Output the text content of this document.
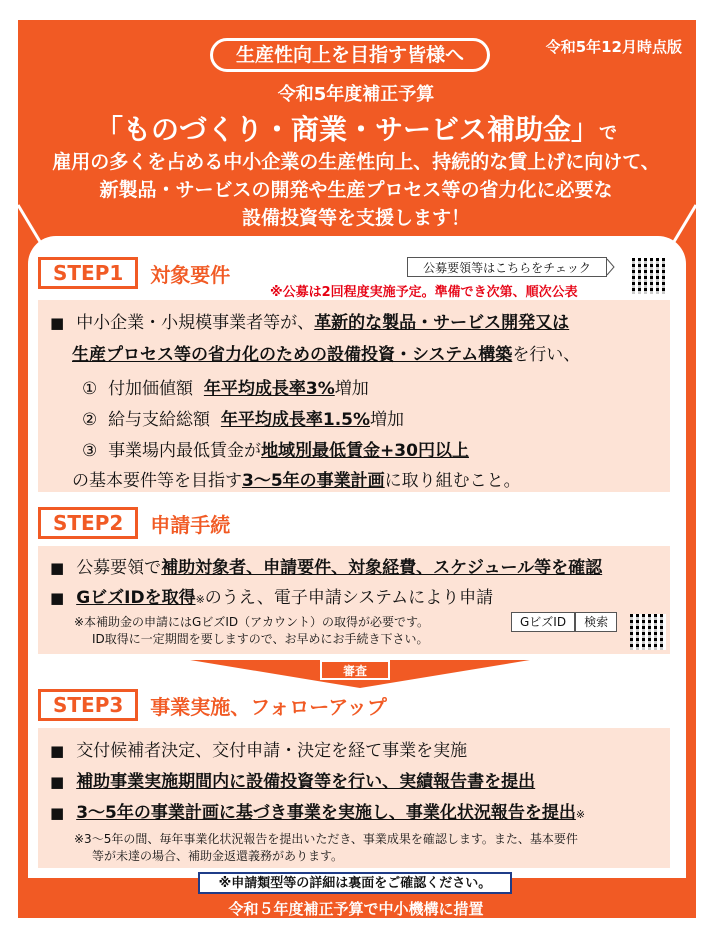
生産性向上を目指す皆様へ	令和5年12月時点版
令和5年度補正予算
「ものづくり・商業・サービス補助金」で
雇用の多くを占める中小企業の生産性向上、持続的な賃上げに向けて、
新製品・サービスの開発や生産プロセス等の省力化に必要な
設備投資等を支援します！
STEP1	対象要件	公募要領等はこちらをチェック
※公募は2回程度実施予定。準備でき次第、順次公表
■ 中小企業・小規模事業者等が、革新的な製品・サービス開発又は
生産プロセス等の省力化のための設備投資・システム構築を行い、
① 付加価値額 年平均成長率3%増加
② 給与支給総額 年平均成長率1.5%増加
③ 事業場内最低賃金が地域別最低賃金+30円以上
の基本要件等を目指す3〜5年の事業計画に取り組むこと。
STEP2	申請手続
■ 公募要領で補助対象者、申請要件、対象経費、スケジュール等を確認
■ GビズIDを取得※のうえ、電子申請システムにより申請
※本補助金の申請にはGビズID（アカウント）の取得が必要です。
ID取得に一定期間を要しますので、お早めにお手続き下さい。
GビズID	検索
審査
STEP3	事業実施、フォローアップ
■ 交付候補者決定、交付申請・決定を経て事業を実施
■ 補助事業実施期間内に設備投資等を行い、実績報告書を提出
■ 3〜5年の事業計画に基づき事業を実施し、事業化状況報告を提出※
※3〜5年の間、毎年事業化状況報告を提出いただき、事業成果を確認します。また、基本要件
等が未達の場合、補助金返還義務があります。
※申請類型等の詳細は裏面をご確認ください。
令和５年度補正予算で中小機構に措置
